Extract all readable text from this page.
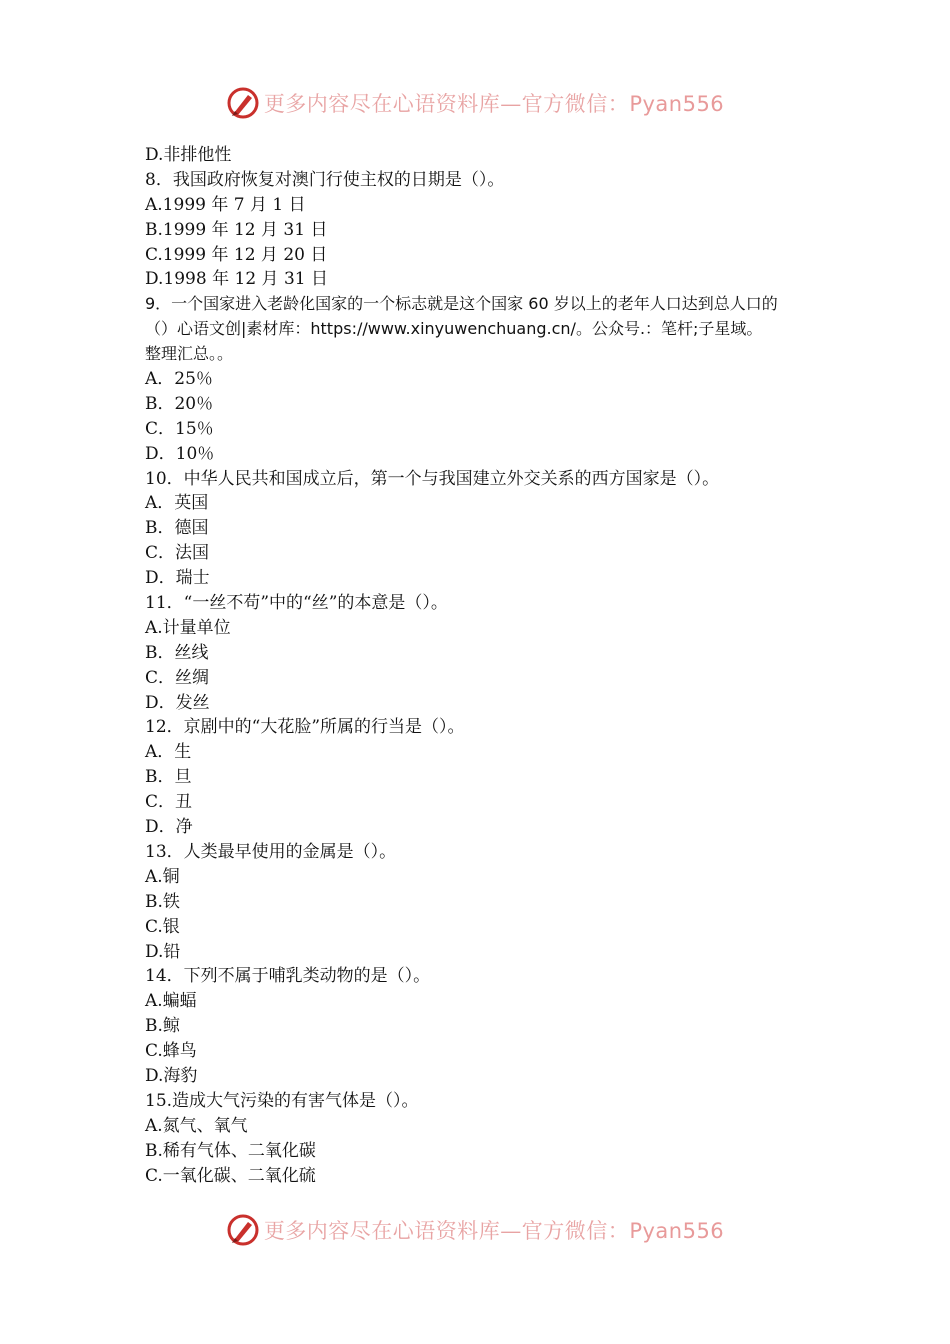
更多内容尽在心语资料库—官方微信：Pyan556
D.非排他性
8．我国政府恢复对澳门行使主权的日期是（）。
A.1999 年 7 月 1 日
B.1999 年 12 月 31 日
C.1999 年 12 月 20 日
D.1998 年 12 月 31 日
9．一个国家进入老龄化国家的一个标志就是这个国家 60 岁以上的老年人口达到总人口的
（）心语文创|素材库：https://www.xinyuwenchuang.cn/。公众号.：笔杆;子星域。
整理汇总。。
A．25％
B．20％
C．15％
D．10％
10．中华人民共和国成立后，第一个与我国建立外交关系的西方国家是（）。
A．英国
B．德国
C．法国
D．瑞士
11．“一丝不苟”中的“丝”的本意是（）。
A.计量单位
B．丝线
C．丝绸
D．发丝
12．京剧中的“大花脸”所属的行当是（）。
A．生
B．旦
C．丑
D．净
13．人类最早使用的金属是（）。
A.铜
B.铁
C.银
D.铅
14．下列不属于哺乳类动物的是（）。
A.蝙蝠
B.鲸
C.蜂鸟
D.海豹
15.造成大气污染的有害气体是（）。
A.氮气、氧气
B.稀有气体、二氧化碳
C.一氧化碳、二氧化硫
更多内容尽在心语资料库—官方微信：Pyan556
